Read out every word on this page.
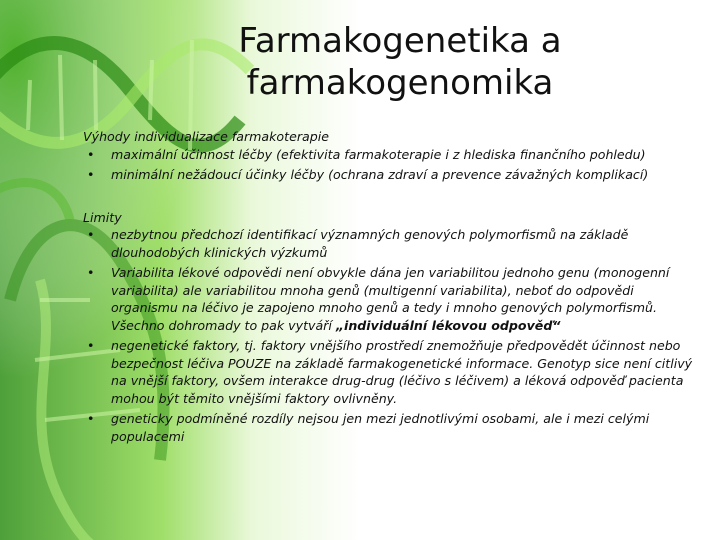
Farmakogenetika a farmakogenomika

Výhody individualizace farmakoterapie

• maximální účinnost léčby (efektivita farmakoterapie i z hlediska finančního pohledu)
• minimální nežádoucí účinky léčby (ochrana zdraví a prevence závažných komplikací)

Limity

• nezbytnou předchozí identifikací významných genových polymorfismů na základě dlouhodobých klinických výzkumů
• Variabilita lékové odpovědi není obvykle dána jen variabilitou jednoho genu (monogenní variabilita) ale variabilitou mnoha genů (multigenní variabilita), neboť do odpovědi organismu na léčivo je zapojeno mnoho genů a tedy i mnoho genových polymorfismů. Všechno dohromady to pak vytváří „individuální lékovou odpověď“
• negenetické faktory, tj. faktory vnějšího prostředí znemožňuje předpovědět účinnost nebo bezpečnost léčiva POUZE na základě farmakogenetické informace. Genotyp sice není citlivý na vnější faktory, ovšem interakce drug-drug (léčivo s léčivem) a léková odpověď pacienta mohou být těmito vnějšími faktory ovlivněny.
• geneticky podmíněné rozdíly nejsou jen mezi jednotlivými osobami, ale i mezi celými populacemi
